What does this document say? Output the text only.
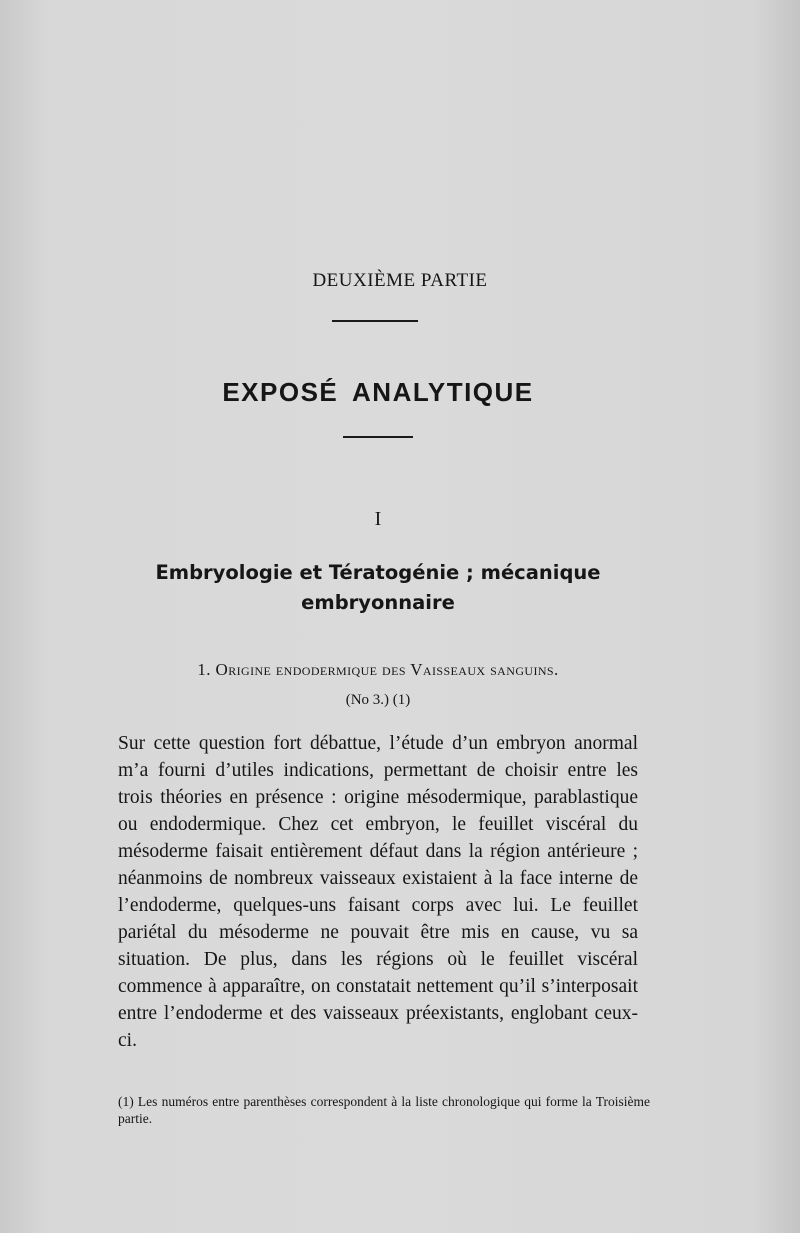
DEUXIÈME PARTIE
EXPOSÉ ANALYTIQUE
I
Embryologie et Tératogénie ; mécanique embryonnaire
1. Origine endodermique des Vaisseaux sanguins.
(No 3.) (1)
Sur cette question fort débattue, l’étude d’un embryon anormal m’a fourni d’utiles indications, permettant de choisir entre les trois théories en présence : origine mésodermique, parablastique ou endodermique. Chez cet embryon, le feuillet viscéral du mésoderme faisait entièrement défaut dans la région antérieure ; néanmoins de nombreux vaisseaux existaient à la face interne de l’endoderme, quelques-uns faisant corps avec lui. Le feuillet pariétal du mésoderme ne pouvait être mis en cause, vu sa situation. De plus, dans les régions où le feuillet viscéral commence à apparaître, on constatait nettement qu’il s’interposait entre l’endoderme et des vaisseaux préexistants, englobant ceux-ci.
(1) Les numéros entre parenthèses correspondent à la liste chronologique qui forme la Troisième partie.
